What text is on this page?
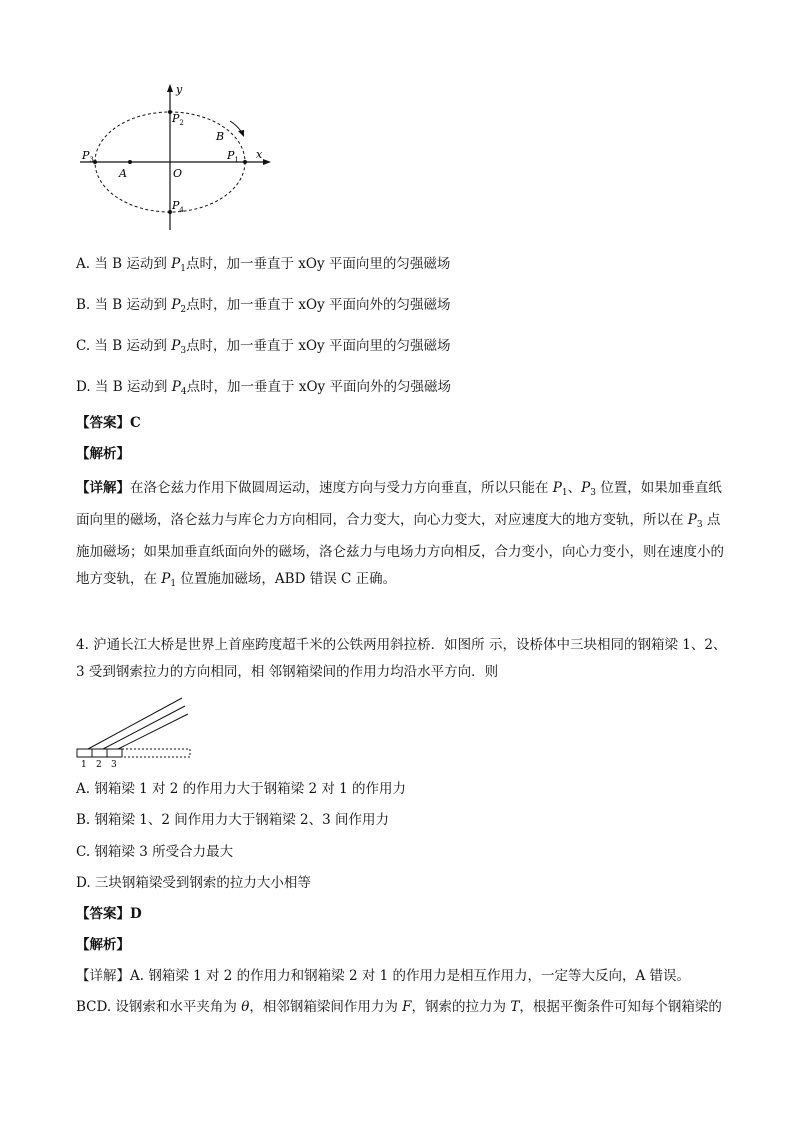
y
x
O
A
B
$P_1$
$P_2$
$P_3$
$P_4$
A. 当 B 运动到 $P_1$点时，加一垂直于 xOy 平面向里的匀强磁场
B. 当 B 运动到 $P_2$点时，加一垂直于 xOy 平面向外的匀强磁场
C. 当 B 运动到 $P_3$点时，加一垂直于 xOy 平面向里的匀强磁场
D. 当 B 运动到 $P_4$点时，加一垂直于 xOy 平面向外的匀强磁场
【答案】C
【解析】
【详解】在洛仑兹力作用下做圆周运动，速度方向与受力方向垂直，所以只能在 $P_1$、$P_3$ 位置，如果加垂直纸面向里的磁场，洛仑兹力与库仑力方向相同，合力变大，向心力变大，对应速度大的地方变轨，所以在 $P_3$ 点施加磁场；如果加垂直纸面向外的磁场，洛仑兹力与电场力方向相反，合力变小，向心力变小，则在速度小的地方变轨，在 $P_1$ 位置施加磁场，ABD 错误 C 正确。
4. 沪通长江大桥是世界上首座跨度超千米的公铁两用斜拉桥．如图所 示，设桥体中三块相同的钢箱梁 1、2、3 受到钢索拉力的方向相同，相 邻钢箱梁间的作用力均沿水平方向．则
1 2 3
A. 钢箱梁 1 对 2 的作用力大于钢箱梁 2 对 1 的作用力
B. 钢箱梁 1、2 间作用力大于钢箱梁 2、3 间作用力
C. 钢箱梁 3 所受合力最大
D. 三块钢箱梁受到钢索的拉力大小相等
【答案】D
【解析】
【详解】A. 钢箱梁 1 对 2 的作用力和钢箱梁 2 对 1 的作用力是相互作用力，一定等大反向，A 错误。
BCD. 设钢索和水平夹角为 θ，相邻钢箱梁间作用力为 F，钢索的拉力为 T，根据平衡条件可知每个钢箱梁的
